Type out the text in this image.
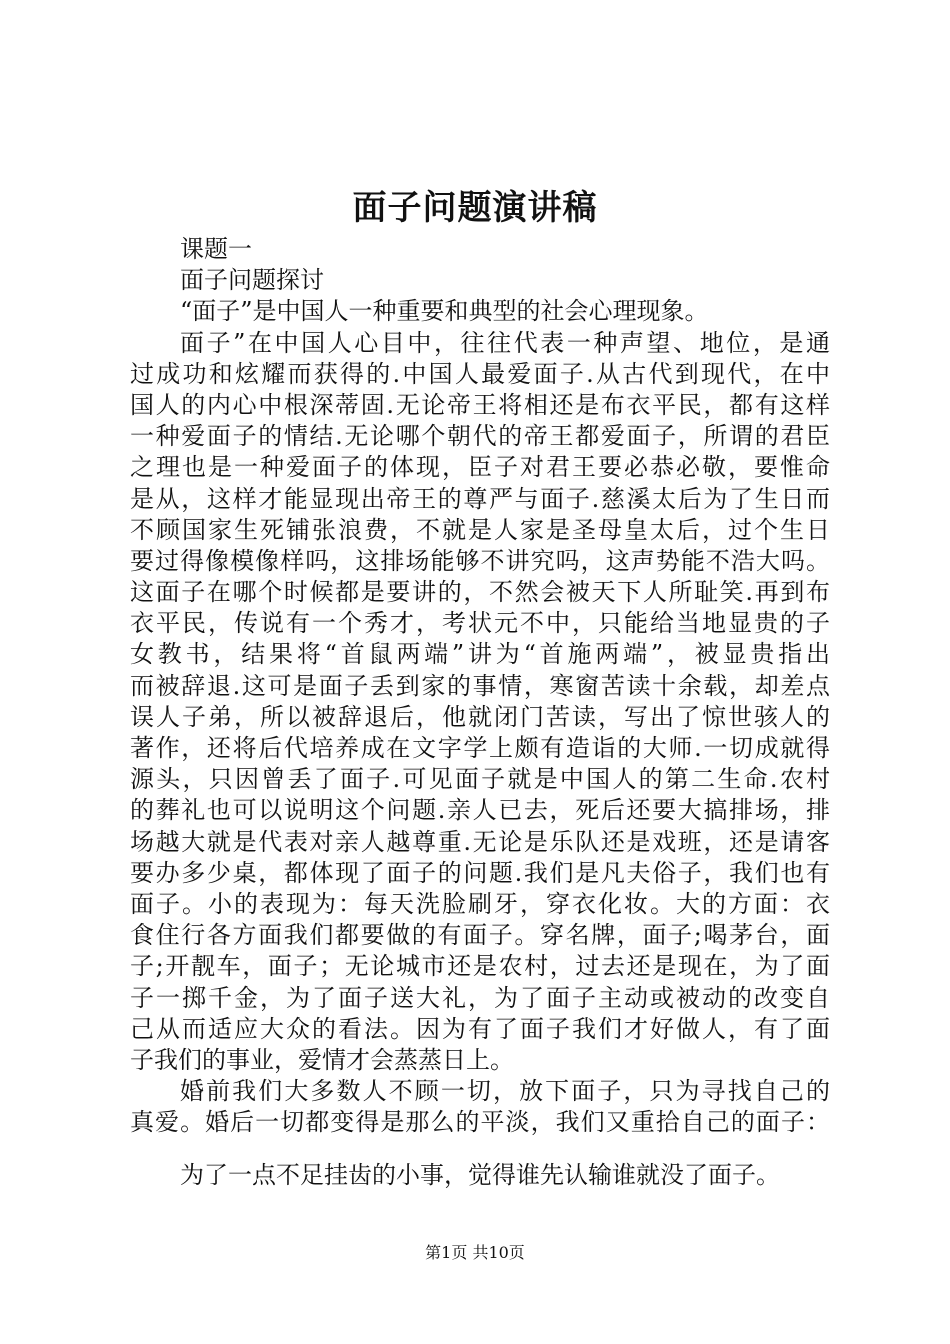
面子问题演讲稿
课题一
面子问题探讨
“面子”是中国人一种重要和典型的社会心理现象。
面子”在中国人心目中，往往代表一种声望、地位，是通
过成功和炫耀而获得的.中国人最爱面子.从古代到现代，在中
国人的内心中根深蒂固.无论帝王将相还是布衣平民，都有这样
一种爱面子的情结.无论哪个朝代的帝王都爱面子，所谓的君臣
之理也是一种爱面子的体现，臣子对君王要必恭必敬，要惟命
是从，这样才能显现出帝王的尊严与面子.慈溪太后为了生日而
不顾国家生死铺张浪费，不就是人家是圣母皇太后，过个生日
要过得像模像样吗，这排场能够不讲究吗，这声势能不浩大吗。
这面子在哪个时候都是要讲的，不然会被天下人所耻笑.再到布
衣平民，传说有一个秀才，考状元不中，只能给当地显贵的子
女教书，结果将“首鼠两端”讲为“首施两端”，被显贵指出
而被辞退.这可是面子丢到家的事情，寒窗苦读十余载，却差点
误人子弟，所以被辞退后，他就闭门苦读，写出了惊世骇人的
著作，还将后代培养成在文字学上颇有造诣的大师.一切成就得
源头，只因曾丢了面子.可见面子就是中国人的第二生命.农村
的葬礼也可以说明这个问题.亲人已去，死后还要大搞排场，排
场越大就是代表对亲人越尊重.无论是乐队还是戏班，还是请客
要办多少桌，都体现了面子的问题.我们是凡夫俗子，我们也有
面子。小的表现为：每天洗脸刷牙，穿衣化妆。大的方面：衣
食住行各方面我们都要做的有面子。穿名牌，面子;喝茅台，面
子;开靓车，面子；无论城市还是农村，过去还是现在，为了面
子一掷千金，为了面子送大礼，为了面子主动或被动的改变自
己从而适应大众的看法。因为有了面子我们才好做人，有了面
子我们的事业，爱情才会蒸蒸日上。
婚前我们大多数人不顾一切，放下面子，只为寻找自己的
真爱。婚后一切都变得是那么的平淡，我们又重拾自己的面子：
为了一点不足挂齿的小事，觉得谁先认输谁就没了面子。
第1页 共10页
